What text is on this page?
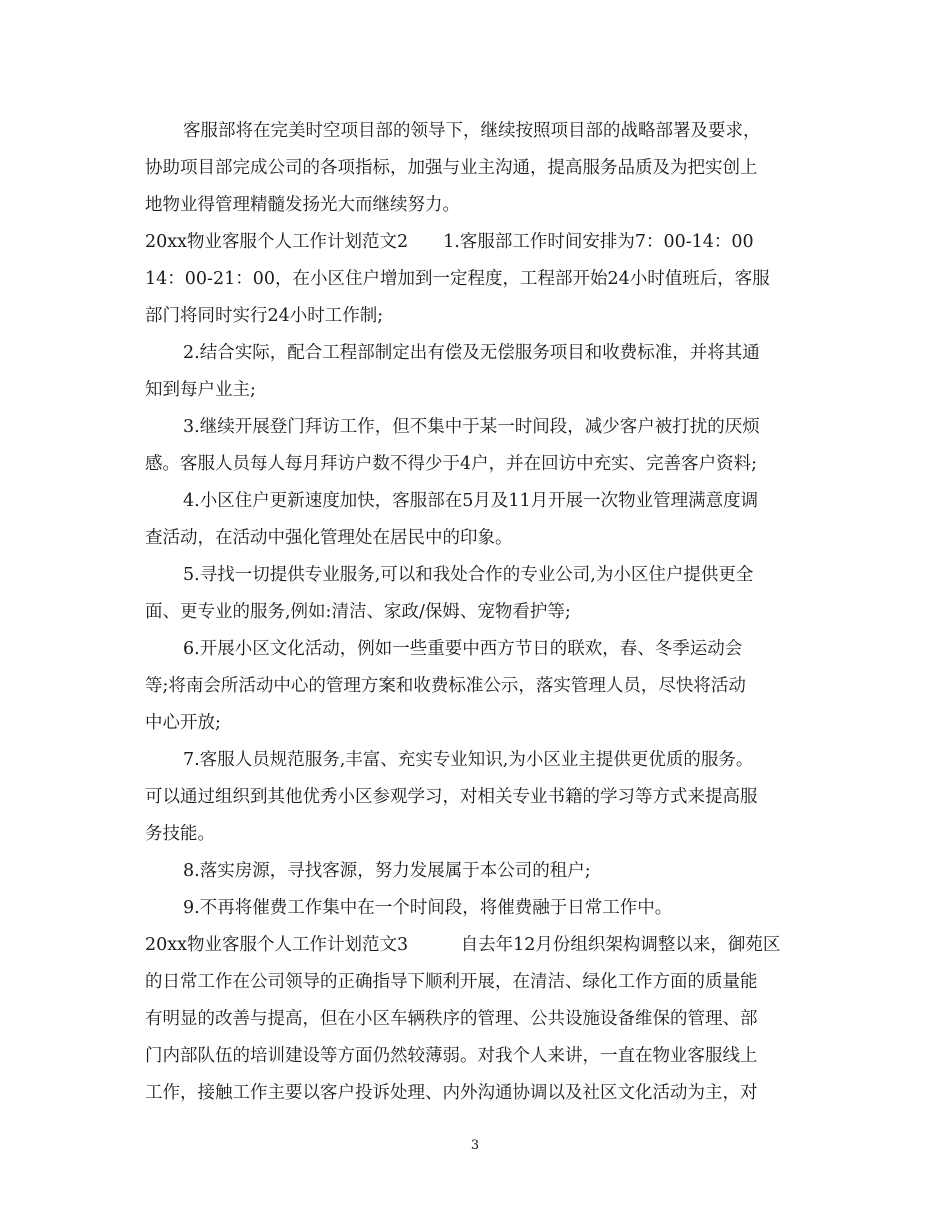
客服部将在完美时空项目部的领导下，继续按照项目部的战略部署及要求，
协助项目部完成公司的各项指标，加强与业主沟通，提高服务品质及为把实创上
地物业得管理精髓发扬光大而继续努力。
20xx物业客服个人工作计划范文2　　1.客服部工作时间安排为7：00-14：00
14：00-21：00，在小区住户增加到一定程度，工程部开始24小时值班后，客服
部门将同时实行24小时工作制;
2.结合实际，配合工程部制定出有偿及无偿服务项目和收费标准，并将其通
知到每户业主;
3.继续开展登门拜访工作，但不集中于某一时间段，减少客户被打扰的厌烦
感。客服人员每人每月拜访户数不得少于4户，并在回访中充实、完善客户资料;
4.小区住户更新速度加快，客服部在5月及11月开展一次物业管理满意度调
查活动，在活动中强化管理处在居民中的印象。
5.寻找一切提供专业服务,可以和我处合作的专业公司,为小区住户提供更全
面、更专业的服务,例如:清洁、家政/保姆、宠物看护等;
6.开展小区文化活动，例如一些重要中西方节日的联欢，春、冬季运动会
等;将南会所活动中心的管理方案和收费标准公示，落实管理人员，尽快将活动
中心开放;
7.客服人员规范服务,丰富、充实专业知识,为小区业主提供更优质的服务。
可以通过组织到其他优秀小区参观学习，对相关专业书籍的学习等方式来提高服
务技能。
8.落实房源，寻找客源，努力发展属于本公司的租户;
9.不再将催费工作集中在一个时间段，将催费融于日常工作中。
20xx物业客服个人工作计划范文3　　　自去年12月份组织架构调整以来，御苑区
的日常工作在公司领导的正确指导下顺利开展，在清洁、绿化工作方面的质量能
有明显的改善与提高，但在小区车辆秩序的管理、公共设施设备维保的管理、部
门内部队伍的培训建设等方面仍然较薄弱。对我个人来讲，一直在物业客服线上
工作，接触工作主要以客户投诉处理、内外沟通协调以及社区文化活动为主，对
3
